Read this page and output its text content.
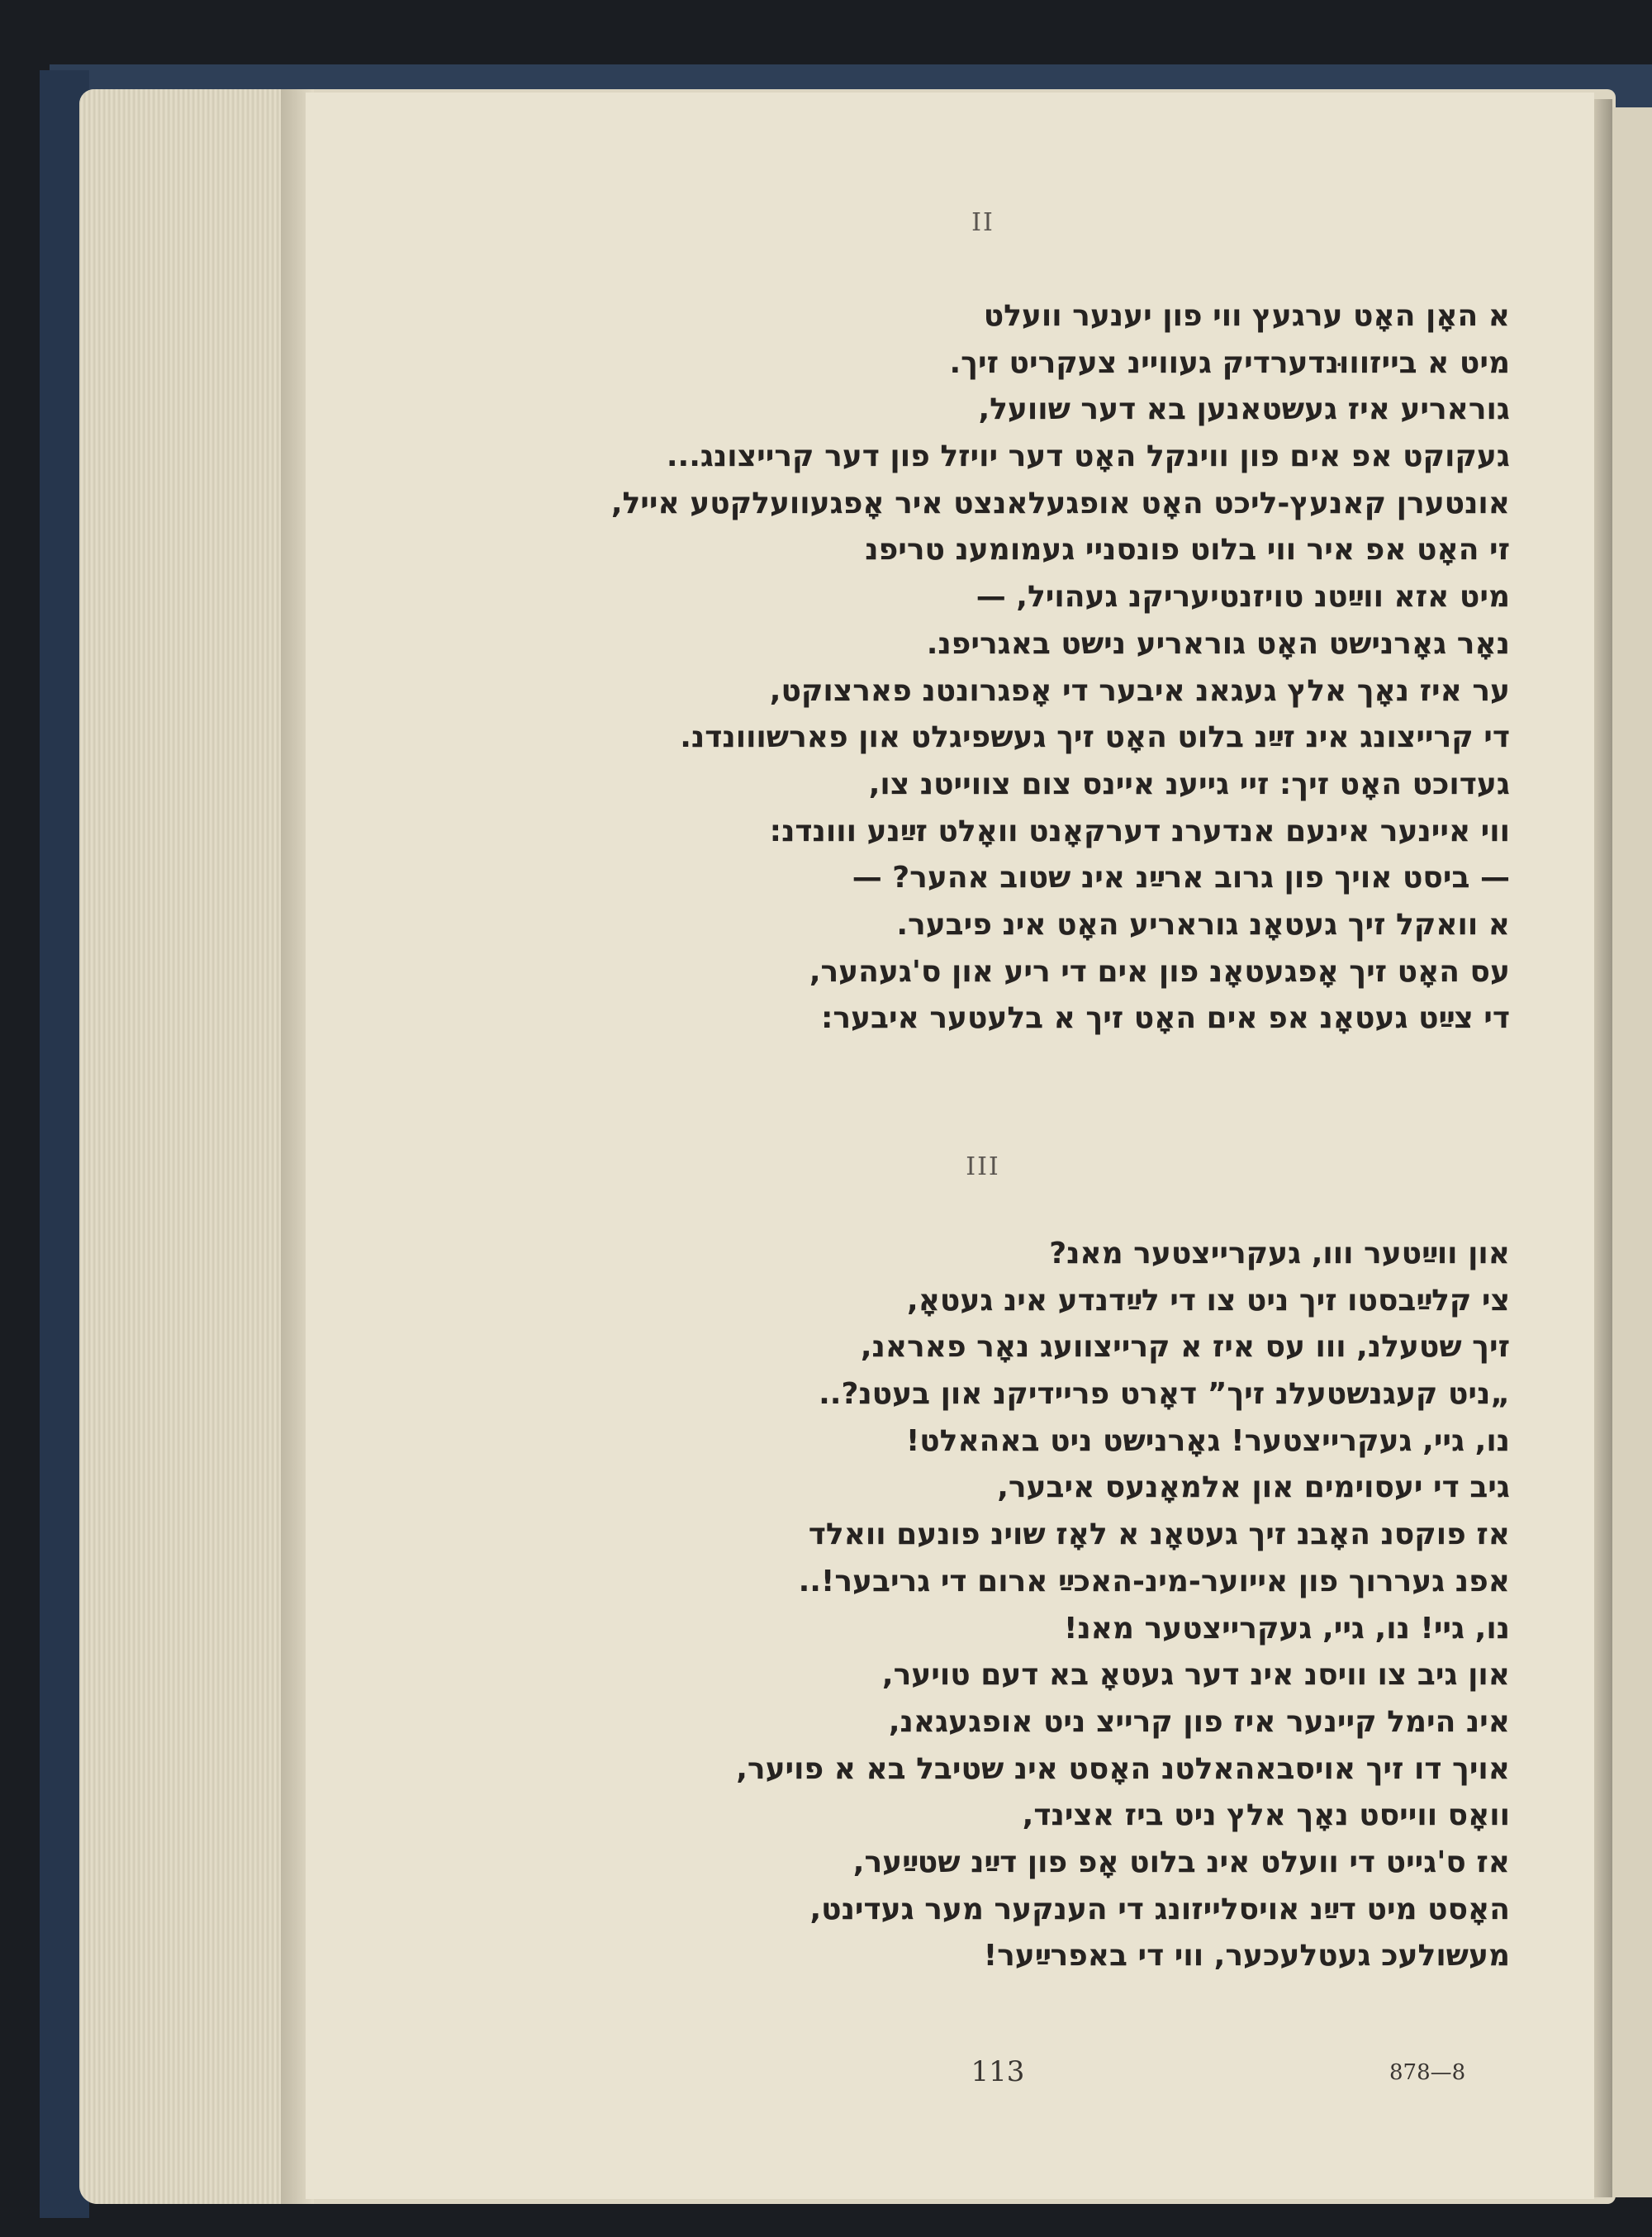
II
א האָן האָט ערגעץ ווי פון יענער וועלט
מיט א בייזוווּנדערדיק געוויינ צעקריט זיך.
גוראריע איז געשטאנען בא דער שוועל,
געקוקט אפ אים פון ווינקל האָט דער יויזל פון דער קרייצונג...
אונטערן קאנעץ-ליכט האָט אופגעלאנצט איר אָפגעוועלקטע אייל,
זי האָט אפ איר ווי בלוט פונסניי געמומענ טריפנ
מיט אזא ווײַטנ טויזנטיעריקנ געהויל, —
נאָר גאָרנישט האָט גוראריע נישט באגריפנ.
ער איז נאָך אלץ געגאנ איבער די אָפגרונטנ פארצוקט,
די קרייצונג אינ זײַנ בלוט האָט זיך געשפיגלט און פארשווונדנ.
געדוכט האָט זיך: זיי גייענ איינס צום צווייטנ צו,
ווי איינער אינעם אנדערנ דערקאָנט וואָלט זײַנע ווונדנ:
— ביסט אויך פון גרוב ארײַנ אינ שטוב אהער? —
א וואקל זיך געטאָנ גוראריע האָט אינ פיבער.
עס האָט זיך אָפגעטאָנ פון אים די ריע און ס'געהער,
די צײַט געטאָנ אפ אים האָט זיך א בלעטער איבער:
III
און ווײַטער ווו, געקרייצטער מאנ?
צי קלײַבסטו זיך ניט צו די לײַדנדע אינ געטאָ,
זיך שטעלנ, ווו עס איז א קרייצוועג נאָר פאראנ,
„ניט קעגנשטעלנ זיך” דאָרט פריידיקנ און בעטנ?..
נו, גיי, געקרייצטער! גאָרנישט ניט באהאלט!
גיב די יעסוימים און אלמאָנעס איבער,
אז פוקסנ האָבנ זיך געטאָנ א לאָז שוינ פונעם וואלד
אפנ געררוך פון אייוער-מינ-האכײַ ארום די גריבער!..
נו, גיי! נו, גיי, געקרייצטער מאנ!
און גיב צו וויסנ אינ דער געטאָ בא דעם טויער,
אינ הימל קיינער איז פון קרייצ ניט אופגעגאנ,
אויך דו זיך אויסבאהאלטנ האָסט אינ שטיבל בא א פויער,
וואָס ווייסט נאָך אלץ ניט ביז אצינד,
אז ס'גייט די וועלט אינ בלוט אָפ פון דײַנ שטײַער,
האָסט מיט דײַנ אויסלייזונג די הענקער מער געדינט,
מעשולעכ געטלעכער, ווי די באפרײַער!
113	878—8
